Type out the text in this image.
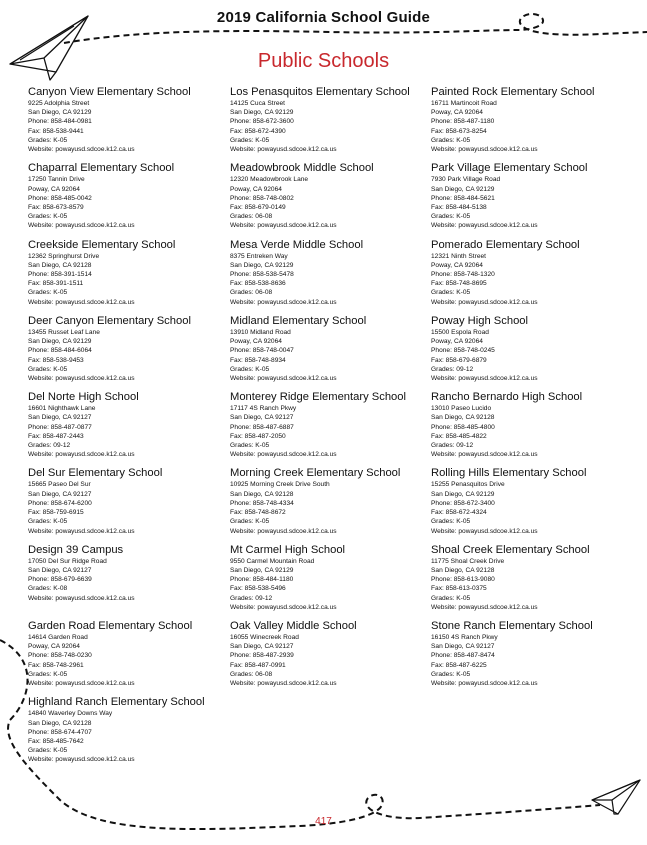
2019 California School Guide
Public Schools
Canyon View Elementary School
9225 Adolphia Street
San Diego, CA 92129
Phone: 858-484-0981
Fax: 858-538-9441
Grades: K-05
Website: powayusd.sdcoe.k12.ca.us
Chaparral Elementary School
17250 Tannin Drive
Poway, CA 92064
Phone: 858-485-0042
Fax: 858-673-8579
Grades: K-05
Website: powayusd.sdcoe.k12.ca.us
Creekside Elementary School
12362 Springhurst Drive
San Diego, CA 92128
Phone: 858-391-1514
Fax: 858-391-1511
Grades: K-05
Website: powayusd.sdcoe.k12.ca.us
Deer Canyon Elementary School
13455 Russet Leaf Lane
San Diego, CA 92129
Phone: 858-484-6064
Fax: 858-538-9453
Grades: K-05
Website: powayusd.sdcoe.k12.ca.us
Del Norte High School
16601 Nighthawk Lane
San Diego, CA 92127
Phone: 858-487-0877
Fax: 858-487-2443
Grades: 09-12
Website: powayusd.sdcoe.k12.ca.us
Del Sur Elementary School
15665 Paseo Del Sur
San Diego, CA 92127
Phone: 858-674-6200
Fax: 858-759-6915
Grades: K-05
Website: powayusd.sdcoe.k12.ca.us
Design 39 Campus
17050 Del Sur Ridge Road
San Diego, CA 92127
Phone: 858-679-6639
Grades: K-08
Website: powayusd.sdcoe.k12.ca.us
Garden Road Elementary School
14614 Garden Road
Poway, CA 92064
Phone: 858-748-0230
Fax: 858-748-2961
Grades: K-05
Website: powayusd.sdcoe.k12.ca.us
Highland Ranch Elementary School
14840 Waverley Downs Way
San Diego, CA 92128
Phone: 858-674-4707
Fax: 858-485-7642
Grades: K-05
Website: powayusd.sdcoe.k12.ca.us
Los Penasquitos Elementary School
14125 Cuca Street
San Diego, CA 92129
Phone: 858-672-3600
Fax: 858-672-4390
Grades: K-05
Website: powayusd.sdcoe.k12.ca.us
Meadowbrook Middle School
12320 Meadowbrook Lane
Poway, CA 92064
Phone: 858-748-0802
Fax: 858-679-0149
Grades: 06-08
Website: powayusd.sdcoe.k12.ca.us
Mesa Verde Middle School
8375 Entreken Way
San Diego, CA 92129
Phone: 858-538-5478
Fax: 858-538-8636
Grades: 06-08
Website: powayusd.sdcoe.k12.ca.us
Midland Elementary School
13910 Midland Road
Poway, CA 92064
Phone: 858-748-0047
Fax: 858-748-8934
Grades: K-05
Website: powayusd.sdcoe.k12.ca.us
Monterey Ridge Elementary School
17117 4S Ranch Pkwy
San Diego, CA 92127
Phone: 858-487-6887
Fax: 858-487-2050
Grades: K-05
Website: powayusd.sdcoe.k12.ca.us
Morning Creek Elementary School
10925 Morning Creek Drive South
San Diego, CA 92128
Phone: 858-748-4334
Fax: 858-748-8672
Grades: K-05
Website: powayusd.sdcoe.k12.ca.us
Mt Carmel High School
9550 Carmel Mountain Road
San Diego, CA 92129
Phone: 858-484-1180
Fax: 858-538-5496
Grades: 09-12
Website: powayusd.sdcoe.k12.ca.us
Oak Valley Middle School
16055 Winecreek Road
San Diego, CA 92127
Phone: 858-487-2939
Fax: 858-487-0991
Grades: 06-08
Website: powayusd.sdcoe.k12.ca.us
Painted Rock Elementary School
16711 Martincoit Road
Poway, CA 92064
Phone: 858-487-1180
Fax: 858-673-8254
Grades: K-05
Website: powayusd.sdcoe.k12.ca.us
Park Village Elementary School
7930 Park Village Road
San Diego, CA 92129
Phone: 858-484-5621
Fax: 858-484-5138
Grades: K-05
Website: powayusd.sdcoe.k12.ca.us
Pomerado Elementary School
12321 Ninth Street
Poway, CA 92064
Phone: 858-748-1320
Fax: 858-748-8695
Grades: K-05
Website: powayusd.sdcoe.k12.ca.us
Poway High School
15500 Espola Road
Poway, CA 92064
Phone: 858-748-0245
Fax: 858-679-6879
Grades: 09-12
Website: powayusd.sdcoe.k12.ca.us
Rancho Bernardo High School
13010 Paseo Lucido
San Diego, CA 92128
Phone: 858-485-4800
Fax: 858-485-4822
Grades: 09-12
Website: powayusd.sdcoe.k12.ca.us
Rolling Hills Elementary School
15255 Penasquitos Drive
San Diego, CA 92129
Phone: 858-672-3400
Fax: 858-672-4324
Grades: K-05
Website: powayusd.sdcoe.k12.ca.us
Shoal Creek Elementary School
11775 Shoal Creek Drive
San Diego, CA 92128
Phone: 858-613-9080
Fax: 858-613-0375
Grades: K-05
Website: powayusd.sdcoe.k12.ca.us
Stone Ranch Elementary School
16150 4S Ranch Pkwy
San Diego, CA 92127
Phone: 858-487-8474
Fax: 858-487-6225
Grades: K-05
Website: powayusd.sdcoe.k12.ca.us
417
